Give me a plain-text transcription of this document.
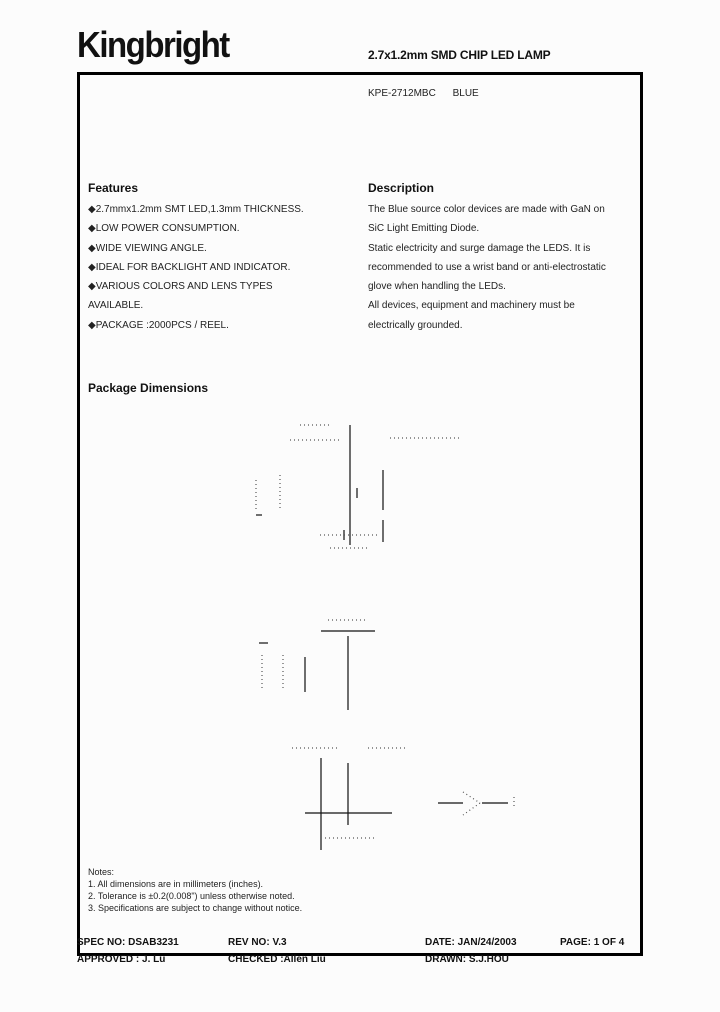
Kingbright	2.7x1.2mm SMD CHIP LED LAMP
KPE-2712MBC BLUE
Features
◆2.7mmx1.2mm SMT LED,1.3mm THICKNESS.
◆LOW POWER CONSUMPTION.
◆WIDE VIEWING ANGLE.
◆IDEAL FOR BACKLIGHT AND INDICATOR.
◆VARIOUS COLORS AND LENS TYPES
AVAILABLE.
◆PACKAGE :2000PCS / REEL.
Description
The Blue source color devices are made with GaN on
SiC Light Emitting Diode.
Static electricity and surge damage the LEDS. It is
recommended to use a wrist band or anti-electrostatic
glove when handling the LEDs.
All devices, equipment and machinery must be
electrically grounded.
Package Dimensions
Notes:
1. All dimensions are in millimeters (inches).
2. Tolerance is ±0.2(0.008") unless otherwise noted.
3. Specifications are subject to change without notice.
SPEC NO: DSAB3231	REV NO: V.3	DATE: JAN/24/2003	PAGE: 1 OF 4
APPROVED : J. Lu	CHECKED :Allen Liu	DRAWN: S.J.HOU
